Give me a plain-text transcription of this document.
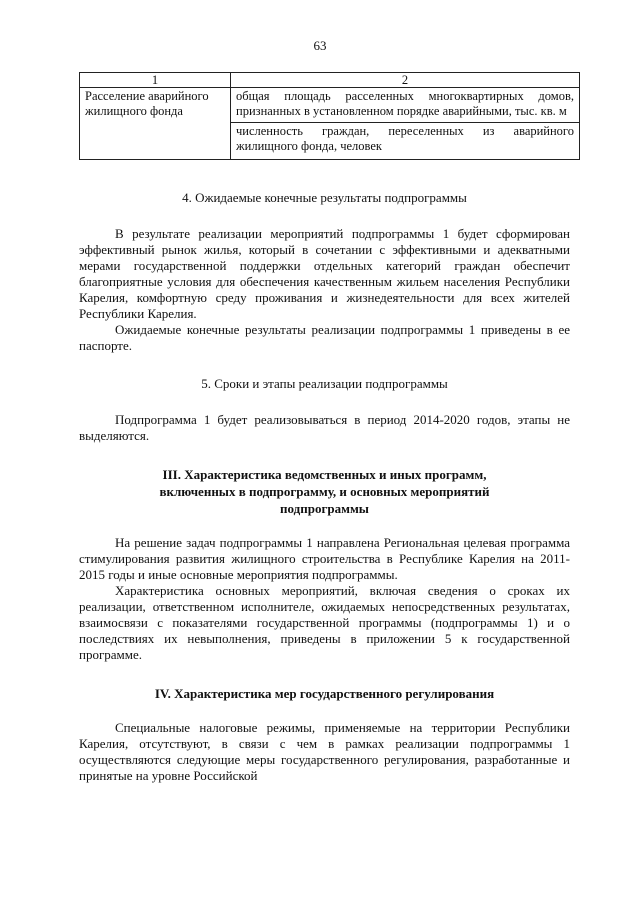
63
1	2
Расселение аварийного жилищного фонда	общая площадь расселенных многоквартирных домов, признанных в установленном порядке аварийными, тыс. кв. м

	численность граждан, переселенных из аварийного жилищного фонда, человек

4. Ожидаемые конечные результаты подпрограммы

В результате реализации мероприятий подпрограммы 1 будет сформирован эффективный рынок жилья, который в сочетании с эффективными и адекватными мерами государственной поддержки отдельных категорий граждан обеспечит благоприятные условия для обеспечения качественным жильем населения Республики Карелия, комфортную среду проживания и жизнедеятельности для всех жителей Республики Карелия.

Ожидаемые конечные результаты реализации подпрограммы 1 приведены в ее паспорте.

5. Сроки и этапы реализации подпрограммы

Подпрограмма 1 будет реализовываться в период 2014-2020 годов, этапы не выделяются.

III. Характеристика ведомственных и иных программ,

включенных в подпрограмму, и основных мероприятий

подпрограммы

На решение задач подпрограммы 1 направлена Региональная целевая программа стимулирования развития жилищного строительства в Республике Карелия на 2011-2015 годы и иные основные мероприятия подпрограммы.

Характеристика основных мероприятий, включая сведения о сроках их реализации, ответственном исполнителе, ожидаемых непосредственных результатах, взаимосвязи с показателями государственной программы (подпрограммы 1) и о последствиях их невыполнения, приведены в приложении 5 к государственной программе.

IV. Характеристика мер государственного регулирования

Специальные налоговые режимы, применяемые на территории Республики Карелия, отсутствуют, в связи с чем в рамках реализации подпрограммы 1 осуществляются следующие меры государственного регулирования, разработанные и принятые на уровне Российской
